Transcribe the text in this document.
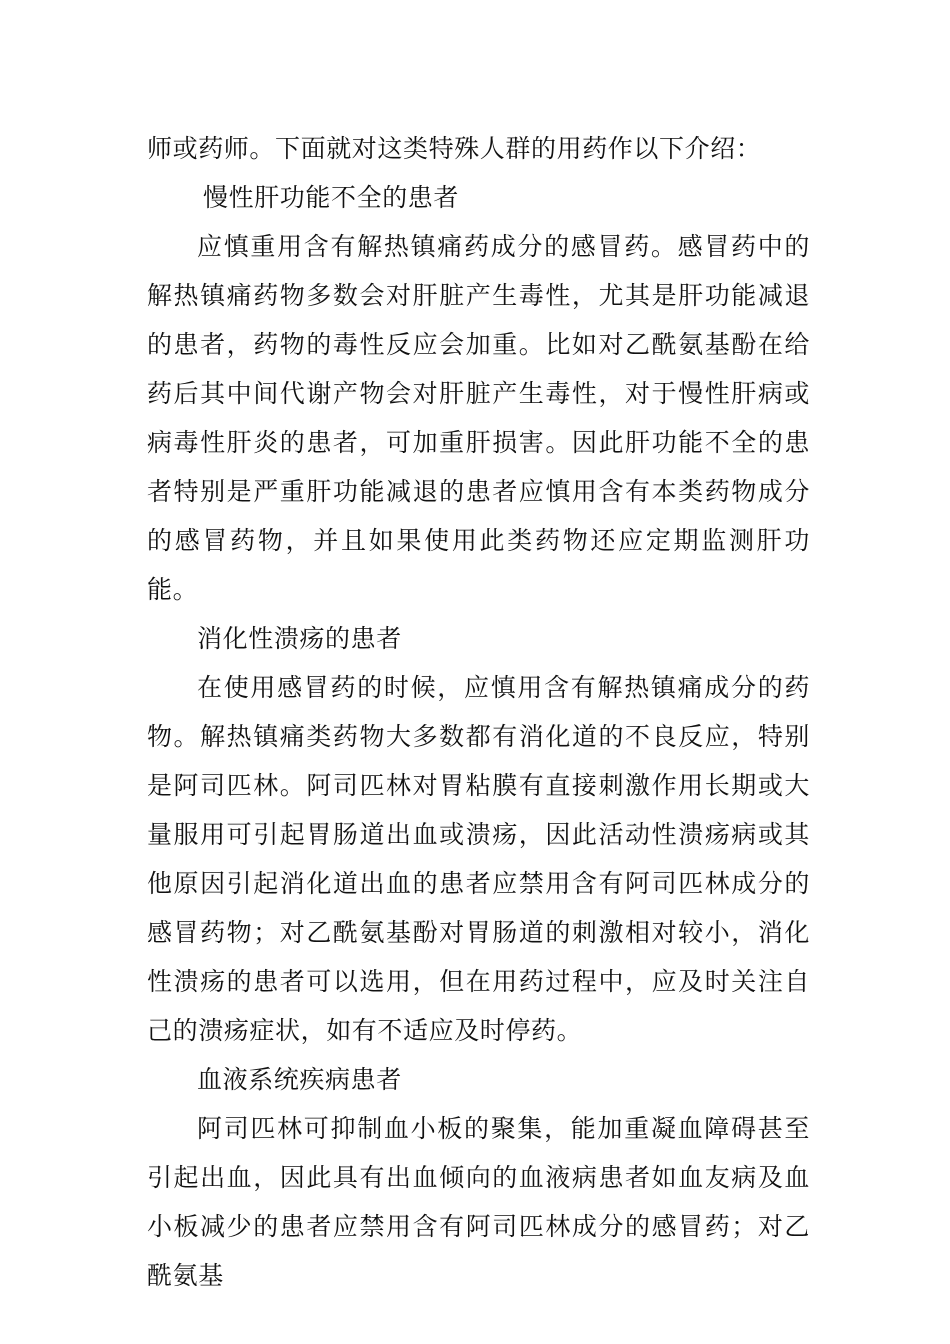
师或药师。下面就对这类特殊人群的用药作以下介绍：

慢性肝功能不全的患者

应慎重用含有解热镇痛药成分的感冒药。感冒药中的解热镇痛药物多数会对肝脏产生毒性，尤其是肝功能减退的患者，药物的毒性反应会加重。比如对乙酰氨基酚在给药后其中间代谢产物会对肝脏产生毒性，对于慢性肝病或病毒性肝炎的患者，可加重肝损害。因此肝功能不全的患者特别是严重肝功能减退的患者应慎用含有本类药物成分的感冒药物，并且如果使用此类药物还应定期监测肝功能。

消化性溃疡的患者

在使用感冒药的时候，应慎用含有解热镇痛成分的药物。解热镇痛类药物大多数都有消化道的不良反应，特别是阿司匹林。阿司匹林对胃粘膜有直接刺激作用长期或大量服用可引起胃肠道出血或溃疡，因此活动性溃疡病或其他原因引起消化道出血的患者应禁用含有阿司匹林成分的感冒药物；对乙酰氨基酚对胃肠道的刺激相对较小，消化性溃疡的患者可以选用，但在用药过程中，应及时关注自己的溃疡症状，如有不适应及时停药。

血液系统疾病患者

阿司匹林可抑制血小板的聚集，能加重凝血障碍甚至引起出血，因此具有出血倾向的血液病患者如血友病及血小板减少的患者应禁用含有阿司匹林成分的感冒药；对乙酰氨基
